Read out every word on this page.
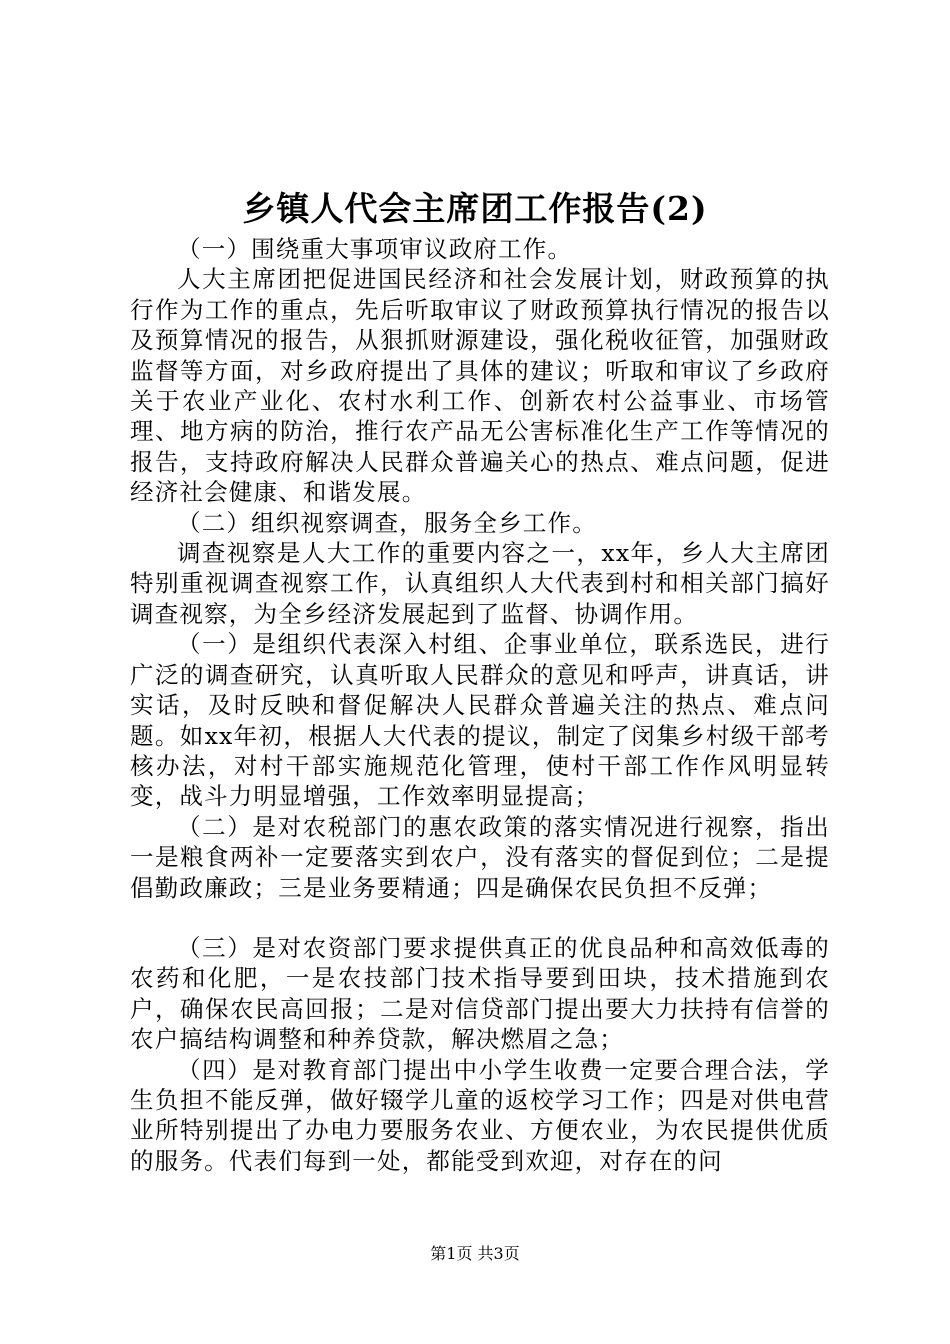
乡镇人代会主席团工作报告(2)

（一）围绕重大事项审议政府工作。

人大主席团把促进国民经济和社会发展计划，财政预算的执行作为工作的重点，先后听取审议了财政预算执行情况的报告以及预算情况的报告，从狠抓财源建设，强化税收征管，加强财政监督等方面，对乡政府提出了具体的建议；听取和审议了乡政府关于农业产业化、农村水利工作、创新农村公益事业、市场管理、地方病的防治，推行农产品无公害标准化生产工作等情况的报告，支持政府解决人民群众普遍关心的热点、难点问题，促进经济社会健康、和谐发展。

（二）组织视察调查，服务全乡工作。

调查视察是人大工作的重要内容之一，xx年，乡人大主席团特别重视调查视察工作，认真组织人大代表到村和相关部门搞好调查视察，为全乡经济发展起到了监督、协调作用。

（一）是组织代表深入村组、企事业单位，联系选民，进行广泛的调查研究，认真听取人民群众的意见和呼声，讲真话，讲实话，及时反映和督促解决人民群众普遍关注的热点、难点问题。如xx年初，根据人大代表的提议，制定了闵集乡村级干部考核办法，对村干部实施规范化管理，使村干部工作作风明显转变，战斗力明显增强，工作效率明显提高；

（二）是对农税部门的惠农政策的落实情况进行视察，指出一是粮食两补一定要落实到农户，没有落实的督促到位；二是提倡勤政廉政；三是业务要精通；四是确保农民负担不反弹；

（三）是对农资部门要求提供真正的优良品种和高效低毒的农药和化肥，一是农技部门技术指导要到田块，技术措施到农户，确保农民高回报；二是对信贷部门提出要大力扶持有信誉的农户搞结构调整和种养贷款，解决燃眉之急；

（四）是对教育部门提出中小学生收费一定要合理合法，学生负担不能反弹，做好辍学儿童的返校学习工作；四是对供电营业所特别提出了办电力要服务农业、方便农业，为农民提供优质的服务。代表们每到一处，都能受到欢迎，对存在的问

第1页 共3页
